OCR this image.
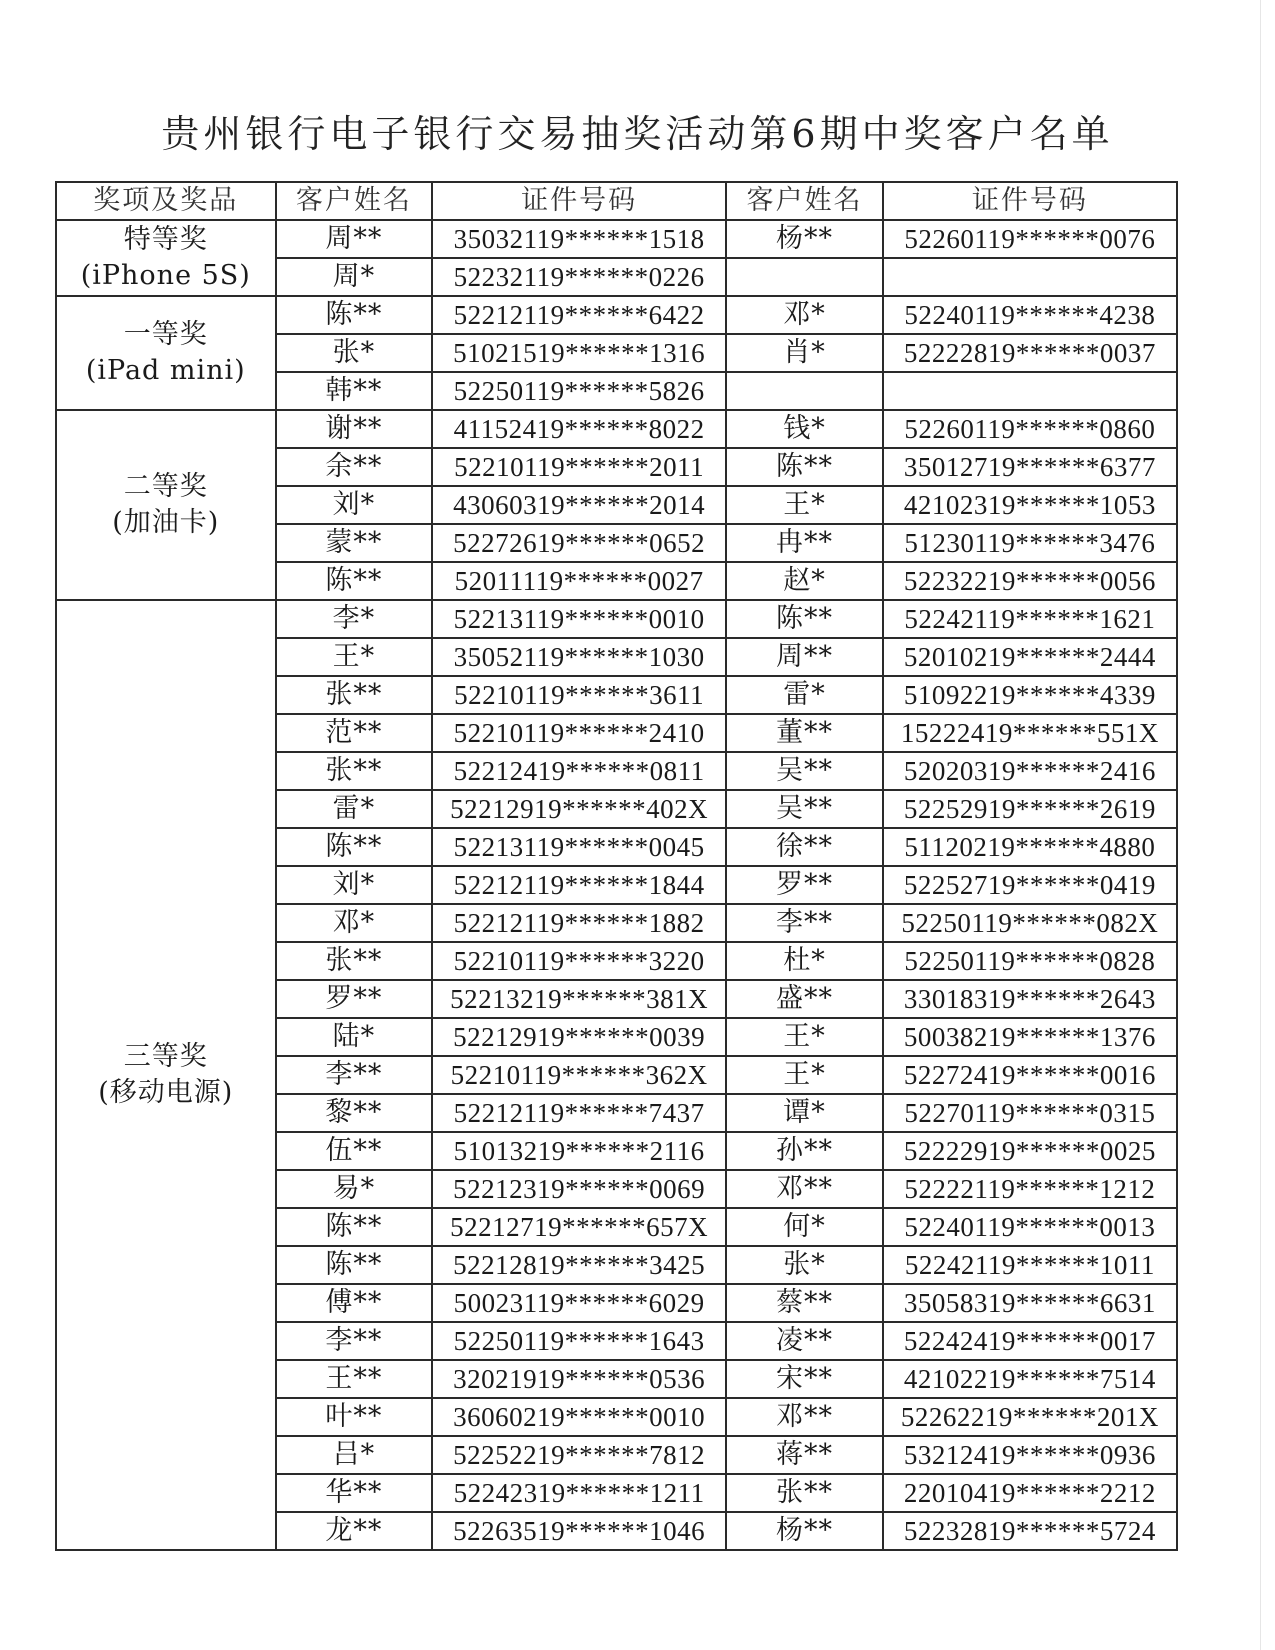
贵州银行电子银行交易抽奖活动第6期中奖客户名单
奖项及奖品	客户姓名	证件号码	客户姓名	证件号码

特等奖
(iPhone 5S)	周**	35032119******1518	杨**	52260119******0076
	周*	52232119******0226		

一等奖
(iPad mini)	陈**	52212119******6422	邓*	52240119******4238
	张*	51021519******1316	肖*	52222819******0037
	韩**	52250119******5826		

二等奖
(加油卡)	谢**	41152419******8022	钱*	52260119******0860
	余**	52210119******2011	陈**	35012719******6377
	刘*	43060319******2014	王*	42102319******1053
	蒙**	52272619******0652	冉**	51230119******3476
	陈**	52011119******0027	赵*	52232219******0056

三等奖
(移动电源)	李*	52213119******0010	陈**	52242119******1621
	王*	35052119******1030	周**	52010219******2444
	张**	52210119******3611	雷*	51092219******4339
	范**	52210119******2410	董**	15222419******551X
	张**	52212419******0811	吴**	52020319******2416
	雷*	52212919******402X	吴**	52252919******2619
	陈**	52213119******0045	徐**	51120219******4880
	刘*	52212119******1844	罗**	52252719******0419
	邓*	52212119******1882	李**	52250119******082X
	张**	52210119******3220	杜*	52250119******0828
	罗**	52213219******381X	盛**	33018319******2643
	陆*	52212919******0039	王*	50038219******1376
	李**	52210119******362X	王*	52272419******0016
	黎**	52212119******7437	谭*	52270119******0315
	伍**	51013219******2116	孙**	52222919******0025
	易*	52212319******0069	邓**	52222119******1212
	陈**	52212719******657X	何*	52240119******0013
	陈**	52212819******3425	张*	52242119******1011
	傅**	50023119******6029	蔡**	35058319******6631
	李**	52250119******1643	凌**	52242419******0017
	王**	32021919******0536	宋**	42102219******7514
	叶**	36060219******0010	邓**	52262219******201X
	吕*	52252219******7812	蒋**	53212419******0936
	华**	52242319******1211	张**	22010419******2212
	龙**	52263519******1046	杨**	52232819******5724
